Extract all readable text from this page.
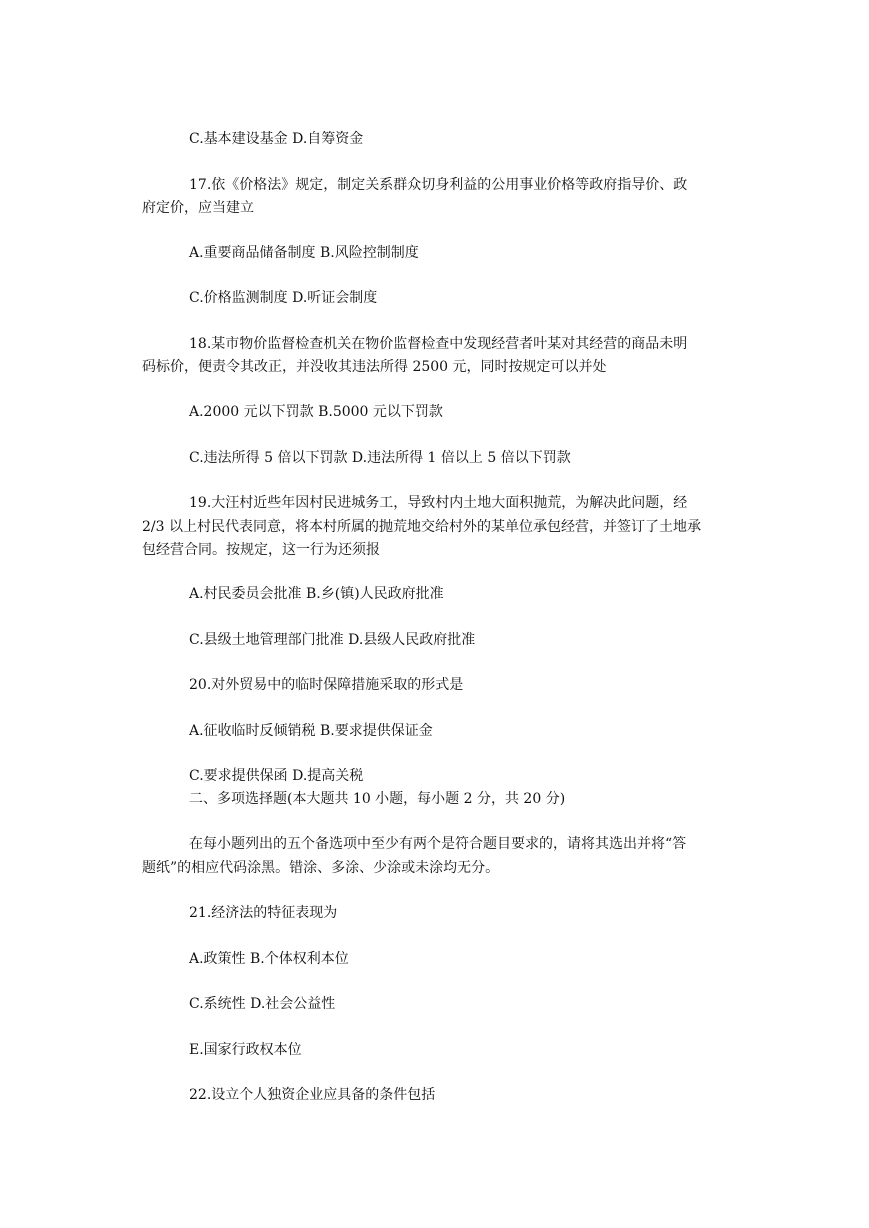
C.基本建设基金 D.自筹资金
17.依《价格法》规定，制定关系群众切身利益的公用事业价格等政府指导价、政
府定价，应当建立
A.重要商品储备制度 B.风险控制制度
C.价格监测制度 D.听证会制度
18.某市物价监督检查机关在物价监督检查中发现经营者叶某对其经营的商品未明
码标价，便责令其改正，并没收其违法所得 2500 元，同时按规定可以并处
A.2000 元以下罚款 B.5000 元以下罚款
C.违法所得 5 倍以下罚款 D.违法所得 1 倍以上 5 倍以下罚款
19.大汪村近些年因村民进城务工，导致村内土地大面积抛荒，为解决此问题，经
2/3 以上村民代表同意，将本村所属的抛荒地交给村外的某单位承包经营，并签订了土地承
包经营合同。按规定，这一行为还须报
A.村民委员会批准 B.乡(镇)人民政府批准
C.县级土地管理部门批准 D.县级人民政府批准
20.对外贸易中的临时保障措施采取的形式是
A.征收临时反倾销税 B.要求提供保证金
C.要求提供保函 D.提高关税
二、多项选择题(本大题共 10 小题，每小题 2 分，共 20 分)
在每小题列出的五个备选项中至少有两个是符合题目要求的，请将其选出并将“答
题纸”的相应代码涂黑。错涂、多涂、少涂或未涂均无分。
21.经济法的特征表现为
A.政策性 B.个体权利本位
C.系统性 D.社会公益性
E.国家行政权本位
22.设立个人独资企业应具备的条件包括
